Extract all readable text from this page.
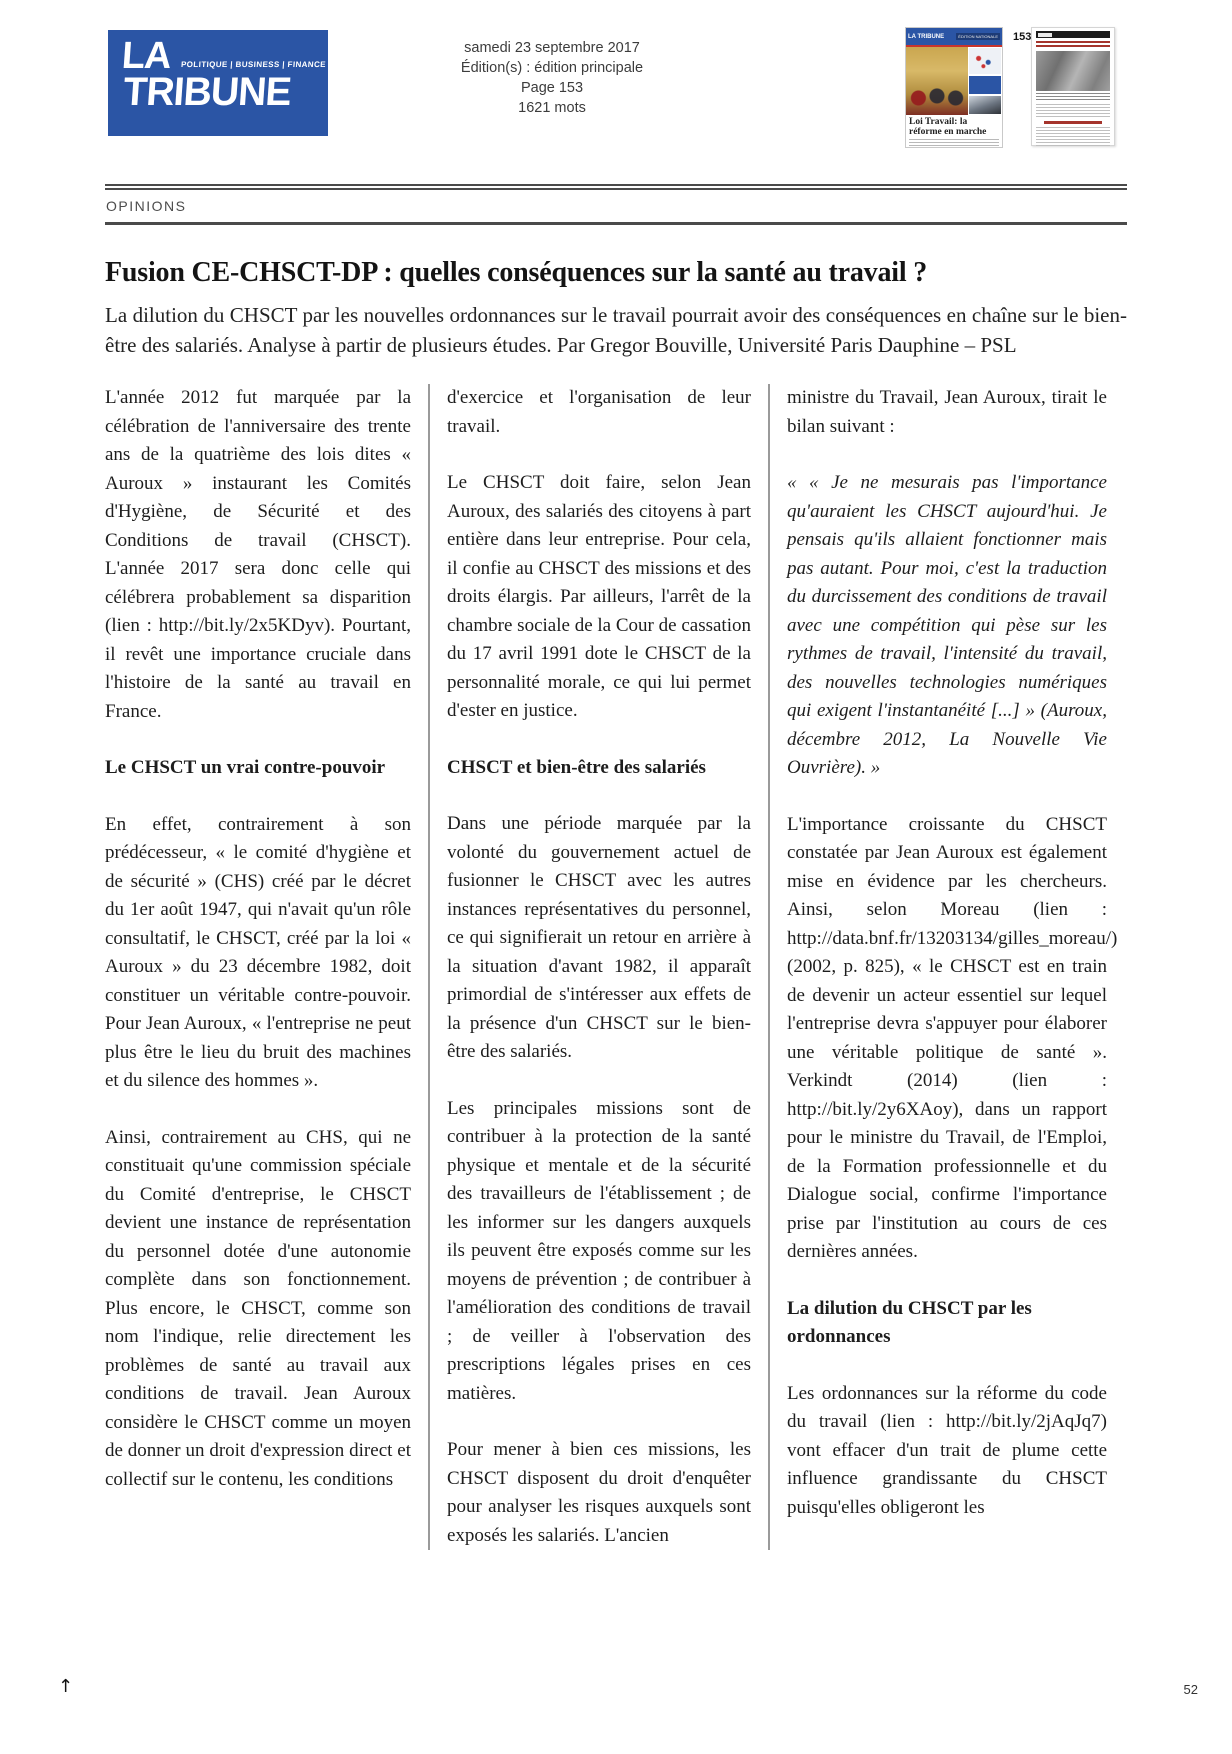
LA POLITIQUE | BUSINESS | FINANCE
TRIBUNE
samedi 23 septembre 2017
Édition(s) : édition principale
Page 153
1621 mots
LA TRIBUNE	ÉDITION NATIONALE
Loi Travail: la réforme en marche
153
OPINIONS
Fusion CE-CHSCT-DP : quelles conséquences sur la santé au travail ?

La dilution du CHSCT par les nouvelles ordonnances sur le travail pourrait avoir des conséquences en chaîne sur le bien-être des salariés. Analyse à partir de plusieurs études. Par Gregor Bouville, Université Paris Dauphine – PSL

L'année 2012 fut marquée par la célébration de l'anniversaire des trente ans de la quatrième des lois dites « Auroux » instaurant les Comités d'Hygiène, de Sécurité et des Conditions de travail (CHSCT). L'année 2017 sera donc celle qui célébrera probablement sa disparition (lien : http://bit.ly/2x5KDyv). Pourtant, il revêt une importance cruciale dans l'histoire de la santé au travail en France.

Le CHSCT un vrai contre-pouvoir

En effet, contrairement à son prédécesseur, « le comité d'hygiène et de sécurité » (CHS) créé par le décret du 1er août 1947, qui n'avait qu'un rôle consultatif, le CHSCT, créé par la loi « Auroux » du 23 décembre 1982, doit constituer un véritable contre-pouvoir. Pour Jean Auroux, « l'entreprise ne peut plus être le lieu du bruit des machines et du silence des hommes ».

Ainsi, contrairement au CHS, qui ne constituait qu'une commission spéciale du Comité d'entreprise, le CHSCT devient une instance de représentation du personnel dotée d'une autonomie complète dans son fonctionnement. Plus encore, le CHSCT, comme son nom l'indique, relie directement les problèmes de santé au travail aux conditions de travail. Jean Auroux considère le CHSCT comme un moyen de donner un droit d'expression direct et collectif sur le contenu, les conditions

d'exercice et l'organisation de leur travail.

Le CHSCT doit faire, selon Jean Auroux, des salariés des citoyens à part entière dans leur entreprise. Pour cela, il confie au CHSCT des missions et des droits élargis. Par ailleurs, l'arrêt de la chambre sociale de la Cour de cassation du 17 avril 1991 dote le CHSCT de la personnalité morale, ce qui lui permet d'ester en justice.

CHSCT et bien-être des salariés

Dans une période marquée par la volonté du gouvernement actuel de fusionner le CHSCT avec les autres instances représentatives du personnel, ce qui signifierait un retour en arrière à la situation d'avant 1982, il apparaît primordial de s'intéresser aux effets de la présence d'un CHSCT sur le bien-être des salariés.

Les principales missions sont de contribuer à la protection de la santé physique et mentale et de la sécurité des travailleurs de l'établissement ; de les informer sur les dangers auxquels ils peuvent être exposés comme sur les moyens de prévention ; de contribuer à l'amélioration des conditions de travail ; de veiller à l'observation des prescriptions légales prises en ces matières.

Pour mener à bien ces missions, les CHSCT disposent du droit d'enquêter pour analyser les risques auxquels sont exposés les salariés. L'ancien

ministre du Travail, Jean Auroux, tirait le bilan suivant :

« « Je ne mesurais pas l'importance qu'auraient les CHSCT aujourd'hui. Je pensais qu'ils allaient fonctionner mais pas autant. Pour moi, c'est la traduction du durcissement des conditions de travail avec une compétition qui pèse sur les rythmes de travail, l'intensité du travail, des nouvelles technologies numériques qui exigent l'instantanéité [...] » (Auroux, décembre 2012, La Nouvelle Vie Ouvrière). »

L'importance croissante du CHSCT constatée par Jean Auroux est également mise en évidence par les chercheurs. Ainsi, selon Moreau (lien : http://data.bnf.fr/13203134/gilles_moreau/) (2002, p. 825), « le CHSCT est en train de devenir un acteur essentiel sur lequel l'entreprise devra s'appuyer pour élaborer une véritable politique de santé ». Verkindt (2014) (lien : http://bit.ly/2y6XAoy), dans un rapport pour le ministre du Travail, de l'Emploi, de la Formation professionnelle et du Dialogue social, confirme l'importance prise par l'institution au cours de ces dernières années.

La dilution du CHSCT par les ordonnances

Les ordonnances sur la réforme du code du travail (lien : http://bit.ly/2jAqJq7) vont effacer d'un trait de plume cette influence grandissante du CHSCT puisqu'elles obligeront les

↑	52
